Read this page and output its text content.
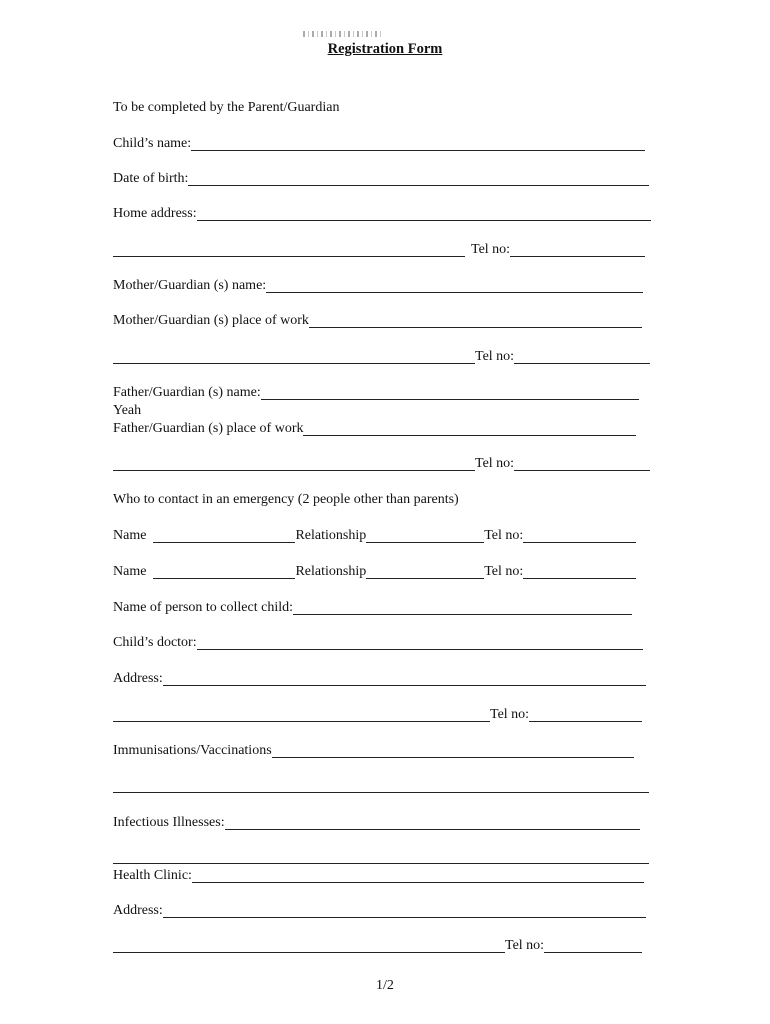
Registration Form
To be completed by the Parent/Guardian
Child’s name:
Date of birth:
Home address:
Tel no:
Mother/Guardian (s) name:
Mother/Guardian (s) place of work
Tel no:
Father/Guardian (s) name:
Yeah
Father/Guardian (s) place of work
Tel no:
Who to contact in an emergency (2 people other than parents)
Name	Relationship	Tel no:
Name	Relationship	Tel no:
Name of person to collect child:
Child’s doctor:
Address:
Tel no:
Immunisations/Vaccinations
Infectious Illnesses:
Health Clinic:
Address:
Tel no:
1/2
